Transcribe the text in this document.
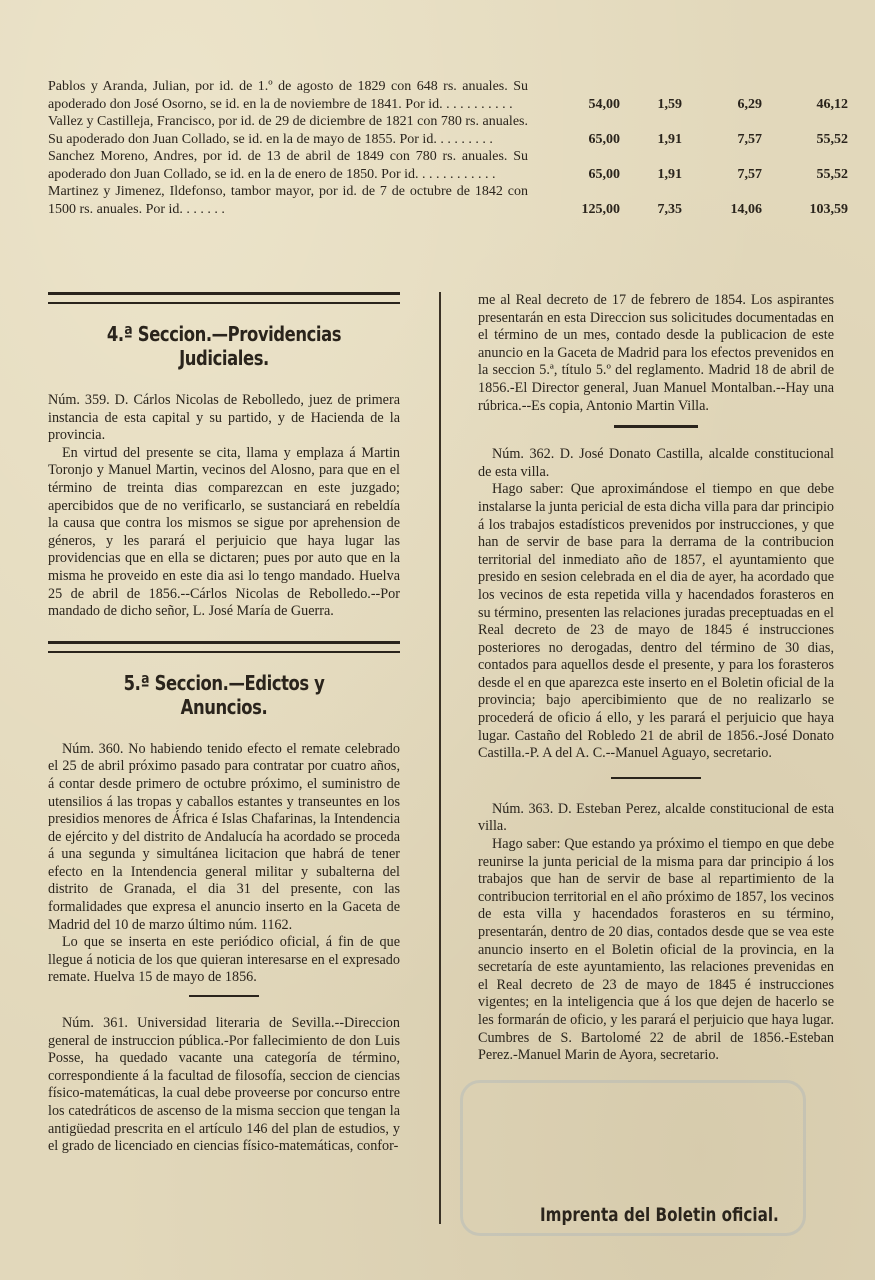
Pablos y Aranda, Julian, por id. de 1.º de agosto de 1829 con 648 rs. anuales. Su apoderado don José Osorno, se id. en la de noviembre de 1841. Por id. . . . . . . . . . .	54,00	1,59	6,29	46,12
Vallez y Castilleja, Francisco, por id. de 29 de diciembre de 1821 con 780 rs. anuales. Su apoderado don Juan Collado, se id. en la de mayo de 1855. Por id. . . . . . . . .	65,00	1,91	7,57	55,52
Sanchez Moreno, Andres, por id. de 13 de abril de 1849 con 780 rs. anuales. Su apoderado don Juan Collado, se id. en la de enero de 1850. Por id. . . . . . . . . . . .	65,00	1,91	7,57	55,52
Martinez y Jimenez, Ildefonso, tambor mayor, por id. de 7 de octubre de 1842 con 1500 rs. anuales. Por id. . . . . . .	125,00	7,35	14,06	103,59
4.ª Seccion.—Providencias Judiciales.

Núm. 359. D. Cárlos Nicolas de Rebolledo, juez de primera instancia de esta capital y su partido, y de Hacienda de la provincia.

En virtud del presente se cita, llama y emplaza á Martin Toronjo y Manuel Martin, vecinos del Alosno, para que en el término de treinta dias comparezcan en este juzgado; apercibidos que de no verificarlo, se sustanciará en rebeldía la causa que contra los mismos se sigue por aprehension de géneros, y les parará el perjuicio que haya lugar las providencias que en ella se dictaren; pues por auto que en la misma he proveido en este dia asi lo tengo mandado. Huelva 25 de abril de 1856.--Cárlos Nicolas de Rebolledo.--Por mandado de dicho señor, L. José María de Guerra.

5.ª Seccion.—Edictos y Anuncios.

Núm. 360. No habiendo tenido efecto el remate celebrado el 25 de abril próximo pasado para contratar por cuatro años, á contar desde primero de octubre próximo, el suministro de utensilios á las tropas y caballos estantes y transeuntes en los presidios menores de África é Islas Chafarinas, la Intendencia de ejército y del distrito de Andalucía ha acordado se proceda á una segunda y simultánea licitacion que habrá de tener efecto en la Intendencia general militar y subalterna del distrito de Granada, el dia 31 del presente, con las formalidades que expresa el anuncio inserto en la Gaceta de Madrid del 10 de marzo último núm. 1162.

Lo que se inserta en este periódico oficial, á fin de que llegue á noticia de los que quieran interesarse en el expresado remate. Huelva 15 de mayo de 1856.

Núm. 361. Universidad literaria de Sevilla.--Direccion general de instruccion pública.-Por fallecimiento de don Luis Posse, ha quedado vacante una categoría de término, correspondiente á la facultad de filosofía, seccion de ciencias físico-matemáticas, la cual debe proveerse por concurso entre los catedráticos de ascenso de la misma seccion que tengan la antigüedad prescrita en el artículo 146 del plan de estudios, y el grado de licenciado en ciencias físico-matemáticas, confor-

me al Real decreto de 17 de febrero de 1854. Los aspirantes presentarán en esta Direccion sus solicitudes documentadas en el término de un mes, contado desde la publicacion de este anuncio en la Gaceta de Madrid para los efectos prevenidos en la seccion 5.ª, título 5.º del reglamento. Madrid 18 de abril de 1856.-El Director general, Juan Manuel Montalban.--Hay una rúbrica.--Es copia, Antonio Martin Villa.

Núm. 362. D. José Donato Castilla, alcalde constitucional de esta villa.

Hago saber: Que aproximándose el tiempo en que debe instalarse la junta pericial de esta dicha villa para dar principio á los trabajos estadísticos prevenidos por instrucciones, y que han de servir de base para la derrama de la contribucion territorial del inmediato año de 1857, el ayuntamiento que presido en sesion celebrada en el dia de ayer, ha acordado que los vecinos de esta repetida villa y hacendados forasteros en su término, presenten las relaciones juradas preceptuadas en el Real decreto de 23 de mayo de 1845 é instrucciones posteriores no derogadas, dentro del término de 30 dias, contados para aquellos desde el presente, y para los forasteros desde el en que aparezca este inserto en el Boletin oficial de la provincia; bajo apercibimiento que de no realizarlo se procederá de oficio á ello, y les parará el perjuicio que haya lugar. Castaño del Robledo 21 de abril de 1856.-José Donato Castilla.-P. A del A. C.--Manuel Aguayo, secretario.

Núm. 363. D. Esteban Perez, alcalde constitucional de esta villa.

Hago saber: Que estando ya próximo el tiempo en que debe reunirse la junta pericial de la misma para dar principio á los trabajos que han de servir de base al repartimiento de la contribucion territorial en el año próximo de 1857, los vecinos de esta villa y hacendados forasteros en su término, presentarán, dentro de 20 dias, contados desde que se vea este anuncio inserto en el Boletin oficial de la provincia, en la secretaría de este ayuntamiento, las relaciones prevenidas en el Real decreto de 23 de mayo de 1845 é instrucciones vigentes; en la inteligencia que á los que dejen de hacerlo se les formarán de oficio, y les parará el perjuicio que haya lugar. Cumbres de S. Bartolomé 22 de abril de 1856.-Esteban Perez.-Manuel Marin de Ayora, secretario.

Imprenta del Boletin oficial.
